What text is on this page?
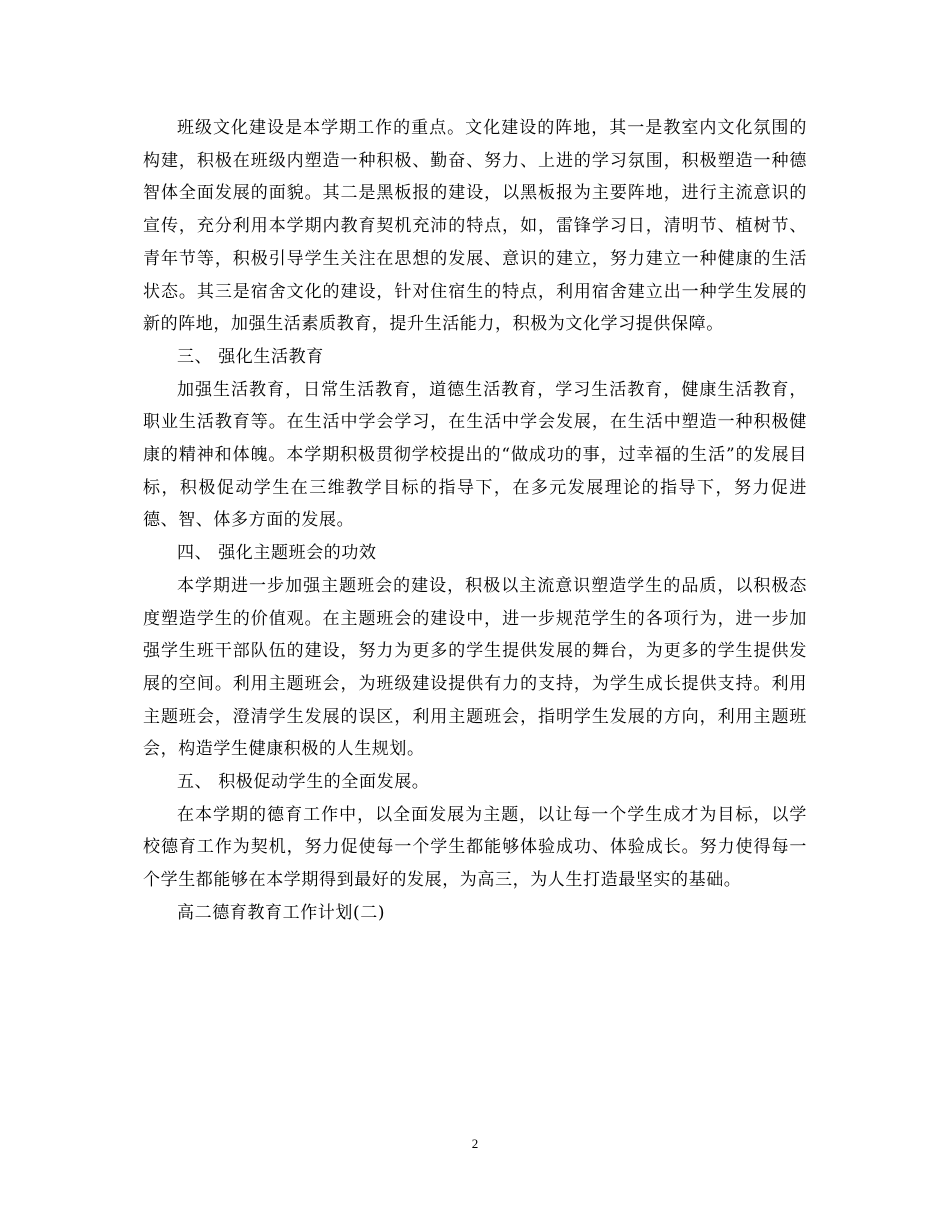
班级文化建设是本学期工作的重点。文化建设的阵地，其一是教室内文化氛围的构建，积极在班级内塑造一种积极、勤奋、努力、上进的学习氛围，积极塑造一种德智体全面发展的面貌。其二是黑板报的建设，以黑板报为主要阵地，进行主流意识的宣传，充分利用本学期内教育契机充沛的特点，如，雷锋学习日，清明节、植树节、青年节等，积极引导学生关注在思想的发展、意识的建立，努力建立一种健康的生活状态。其三是宿舍文化的建设，针对住宿生的特点，利用宿舍建立出一种学生发展的新的阵地，加强生活素质教育，提升生活能力，积极为文化学习提供保障。

三、 强化生活教育

加强生活教育，日常生活教育，道德生活教育，学习生活教育，健康生活教育，职业生活教育等。在生活中学会学习，在生活中学会发展，在生活中塑造一种积极健康的精神和体魄。本学期积极贯彻学校提出的“做成功的事，过幸福的生活”的发展目标，积极促动学生在三维教学目标的指导下，在多元发展理论的指导下，努力促进德、智、体多方面的发展。

四、 强化主题班会的功效

本学期进一步加强主题班会的建设，积极以主流意识塑造学生的品质，以积极态度塑造学生的价值观。在主题班会的建设中，进一步规范学生的各项行为，进一步加强学生班干部队伍的建设，努力为更多的学生提供发展的舞台，为更多的学生提供发展的空间。利用主题班会，为班级建设提供有力的支持，为学生成长提供支持。利用主题班会，澄清学生发展的误区，利用主题班会，指明学生发展的方向，利用主题班会，构造学生健康积极的人生规划。

五、 积极促动学生的全面发展。

在本学期的德育工作中，以全面发展为主题，以让每一个学生成才为目标，以学校德育工作为契机，努力促使每一个学生都能够体验成功、体验成长。努力使得每一个学生都能够在本学期得到最好的发展，为高三，为人生打造最坚实的基础。

高二德育教育工作计划(二)

2
